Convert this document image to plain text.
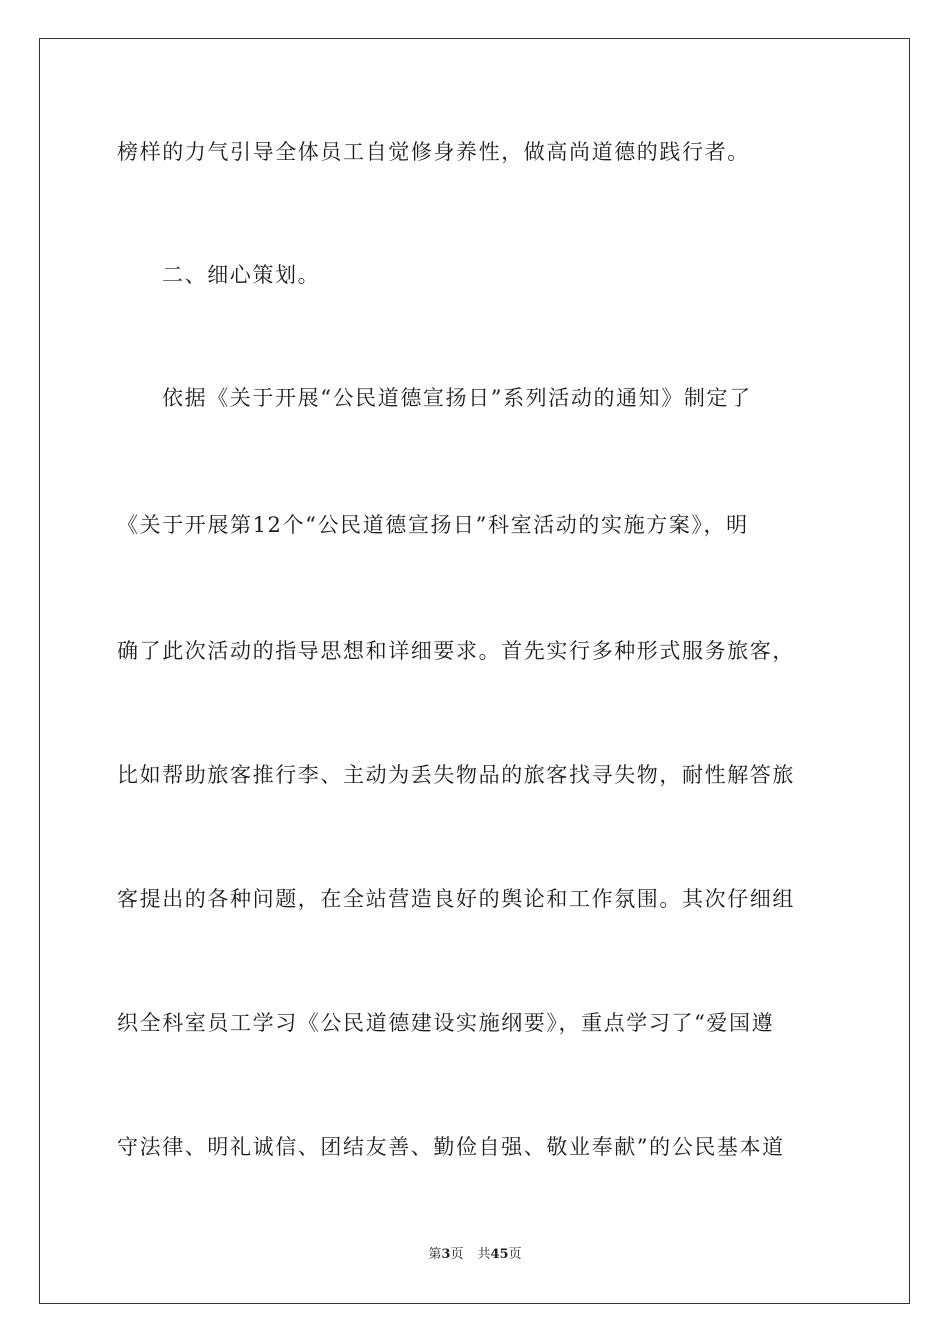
榜样的力气引导全体员工自觉修身养性，做高尚道德的践行者。
二、细心策划。
依据《关于开展“公民道德宣扬日”系列活动的通知》制定了
《关于开展第12个“公民道德宣扬日”科室活动的实施方案》，明
确了此次活动的指导思想和详细要求。首先实行多种形式服务旅客，
比如帮助旅客推行李、主动为丢失物品的旅客找寻失物，耐性解答旅
客提出的各种问题，在全站营造良好的舆论和工作氛围。其次仔细组
织全科室员工学习《公民道德建设实施纲要》，重点学习了“爱国遵
守法律、明礼诚信、团结友善、勤俭自强、敬业奉献”的公民基本道
第3页 共45页
